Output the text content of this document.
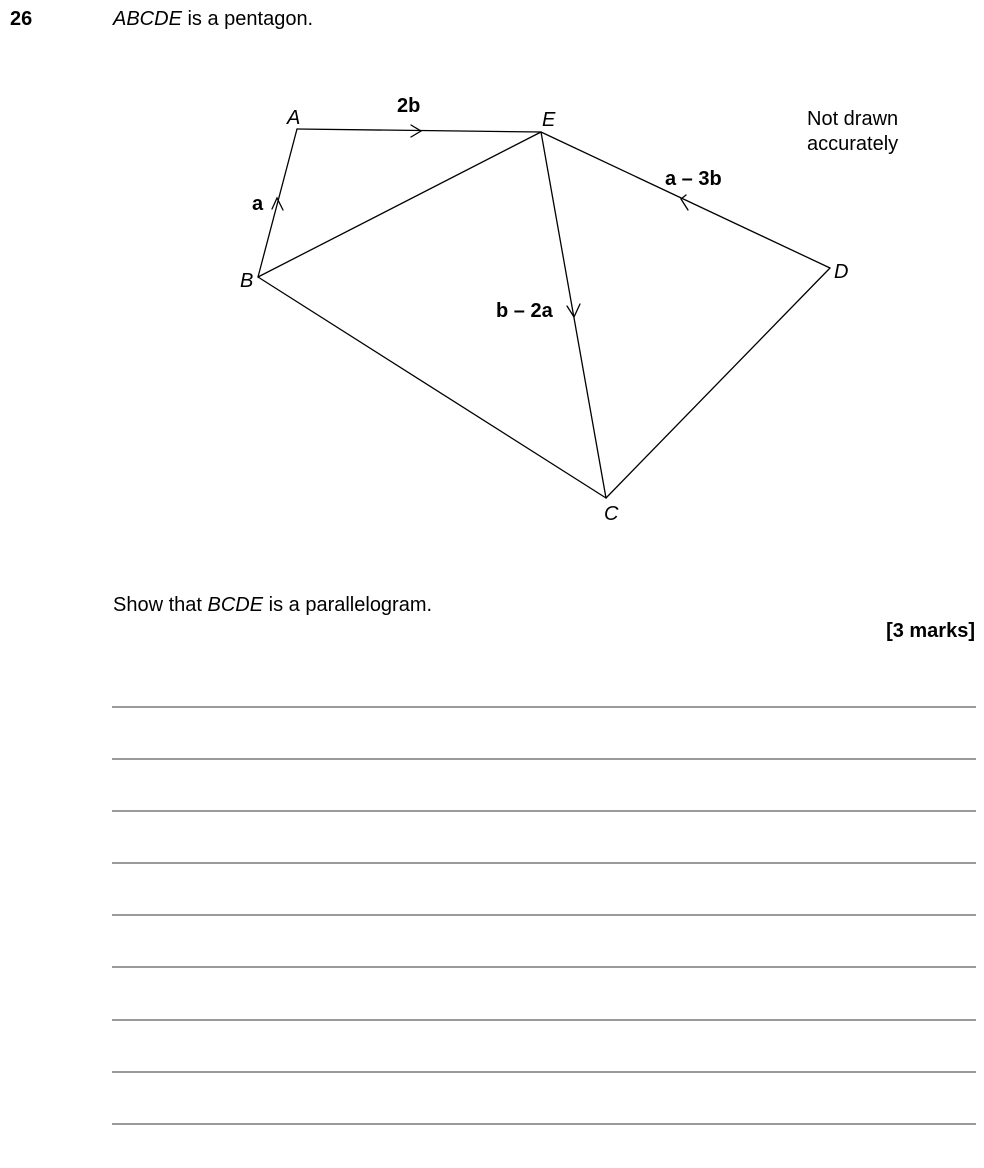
26	ABCDE is a pentagon.
A	E
B	D
C
2b
a
a – 3b
b – 2a
Not drawn
accurately
Show that BCDE is a parallelogram.
[3 marks]
